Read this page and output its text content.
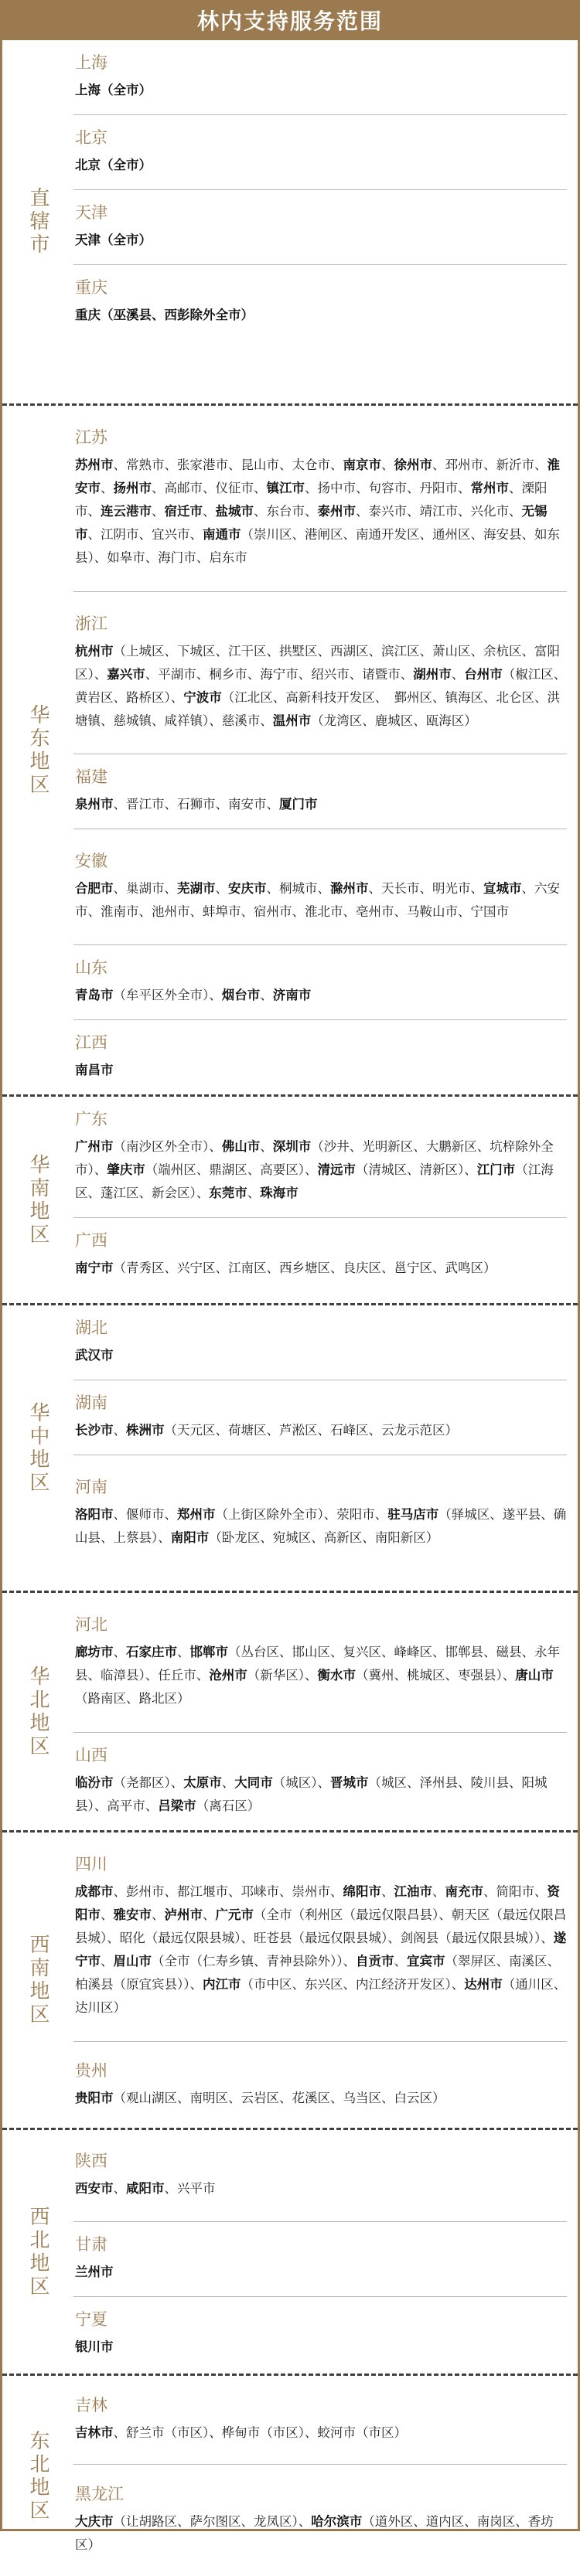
林内支持服务范围
直辖市
上海
上海（全市）
北京
北京（全市）
天津
天津（全市）
重庆
重庆（巫溪县、西彭除外全市）
华东地区
江苏
苏州市、常熟市、张家港市、昆山市、太仓市、南京市、徐州市、邳州市、新沂市、淮安市、扬州市、高邮市、仪征市、镇江市、扬中市、句容市、丹阳市、常州市、溧阳市、连云港市、宿迁市、盐城市、东台市、泰州市、泰兴市、靖江市、兴化市、无锡市、江阴市、宜兴市、南通市（崇川区、港闸区、南通开发区、通州区、海安县、如东县）、如皋市、海门市、启东市
浙江
杭州市（上城区、下城区、江干区、拱墅区、西湖区、滨江区、萧山区、余杭区、富阳区）、嘉兴市、平湖市、桐乡市、海宁市、绍兴市、诸暨市、湖州市、台州市（椒江区、黄岩区、路桥区）、宁波市（江北区、高新科技开发区、　鄞州区、镇海区、北仑区、洪塘镇、慈城镇、咸祥镇）、慈溪市、温州市（龙湾区、鹿城区、瓯海区）
福建
泉州市、晋江市、石狮市、南安市、厦门市
安徽
合肥市、巢湖市、芜湖市、安庆市、桐城市、滁州市、天长市、明光市、宣城市、六安市、淮南市、池州市、蚌埠市、宿州市、淮北市、亳州市、马鞍山市、宁国市
山东
青岛市（牟平区外全市）、烟台市、济南市
江西
南昌市
华南地区
广东
广州市（南沙区外全市）、佛山市、深圳市（沙井、光明新区、大鹏新区、坑梓除外全市）、肇庆市（端州区、鼎湖区、高要区）、清远市（清城区、清新区）、江门市（江海区、蓬江区、新会区）、东莞市、珠海市
广西
南宁市（青秀区、兴宁区、江南区、西乡塘区、良庆区、邕宁区、武鸣区）
华中地区
湖北
武汉市
湖南
长沙市、株洲市（天元区、荷塘区、芦淞区、石峰区、云龙示范区）
河南
洛阳市、偃师市、郑州市（上街区除外全市）、荥阳市、驻马店市（驿城区、遂平县、确山县、上蔡县）、南阳市（卧龙区、宛城区、高新区、南阳新区）
华北地区
河北
廊坊市、石家庄市、邯郸市（丛台区、邯山区、复兴区、峰峰区、邯郸县、磁县、永年县、临漳县）、任丘市、沧州市（新华区）、衡水市（冀州、桃城区、枣强县）、唐山市（路南区、路北区）
山西
临汾市（尧都区）、太原市、大同市（城区）、晋城市（城区、泽州县、陵川县、阳城县）、高平市、吕梁市（离石区）
西南地区
四川
成都市、彭州市、都江堰市、邛崃市、崇州市、绵阳市、江油市、南充市、简阳市、资阳市、雅安市、泸州市、广元市（全市（利州区（最远仅限昌县）、朝天区（最远仅限昌县城）、昭化（最远仅限县城）、旺苍县（最远仅限县城）、剑阁县（最远仅限县城））、遂宁市、眉山市（全市（仁寿乡镇、青神县除外））、自贡市、宜宾市（翠屏区、南溪区、柏溪县（原宜宾县））、内江市（市中区、东兴区、内江经济开发区）、达州市（通川区、达川区）
贵州
贵阳市（观山湖区、南明区、云岩区、花溪区、乌当区、白云区）
西北地区
陕西
西安市、咸阳市、兴平市
甘肃
兰州市
宁夏
银川市
东北地区
吉林
吉林市、舒兰市（市区）、桦甸市（市区）、蛟河市（市区）
黑龙江
大庆市（让胡路区、萨尔图区、龙凤区）、哈尔滨市（道外区、道内区、南岗区、香坊区）
